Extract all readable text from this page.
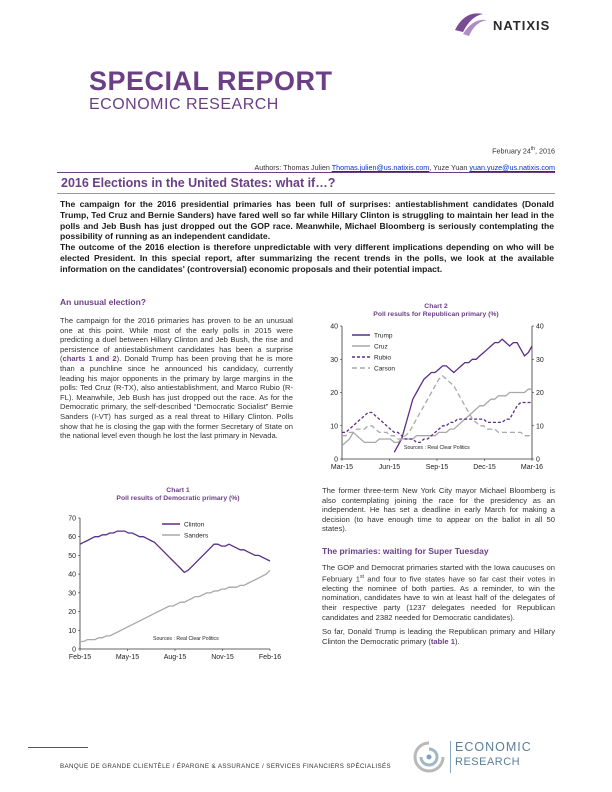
NATIXIS
SPECIAL REPORT
ECONOMIC RESEARCH
February 24th, 2016
Authors: Thomas Julien Thomas.julien@us.natixis.com, Yuze Yuan yuan.yuze@us.natixis.com
2016 Elections in the United States: what if…?

The campaign for the 2016 presidential primaries has been full of surprises: antiestablishment candidates (Donald Trump, Ted Cruz and Bernie Sanders) have fared well so far while Hillary Clinton is struggling to maintain her lead in the polls and Jeb Bush has just dropped out the GOP race. Meanwhile, Michael Bloomberg is seriously contemplating the possibility of running as an independent candidate.

The outcome of the 2016 election is therefore unpredictable with very different implications depending on who will be elected President. In this special report, after summarizing the recent trends in the polls, we look at the available information on the candidates' (controversial) economic proposals and their potential impact.

An unusual election?

The campaign for the 2016 primaries has proven to be an unusual one at this point. While most of the early polls in 2015 were predicting a duel between Hillary Clinton and Jeb Bush, the rise and persistence of antiestablishment candidates has been a surprise (charts 1 and 2). Donald Trump has been proving that he is more than a punchline since he announced his candidacy, currently leading his major opponents in the primary by large margins in the polls: Ted Cruz (R-TX), also antiestablishment, and Marco Rubio (R-FL). Meanwhile, Jeb Bush has just dropped out the race. As for the Democratic primary, the self-described “Democratic Socialist” Bernie Sanders (I-VT) has surged as a real threat to Hillary Clinton. Polls show that he is closing the gap with the former Secretary of State on the national level even though he lost the last primary in Nevada.

Chart 2
Poll results for Republican primary (%)
0	0
10	10
20	20
30	30
40	40
Mar-15	Jun-15	Sep-15	Dec-15	Mar-16
Trump
Cruz
Rubio
Carson
Sources : Real Clear Politics
Chart 1
Poll results of Democratic primary (%)
0
10
20
30
40
50
60
70
Feb-15	May-15	Aug-15	Nov-15	Feb-16
Clinton
Sanders
Sources : Real Clear Politics

The former three-term New York City mayor Michael Bloomberg is also contemplating joining the race for the presidency as an independent. He has set a deadline in early March for making a decision (to have enough time to appear on the ballot in all 50 states).

The primaries: waiting for Super Tuesday

The GOP and Democrat primaries started with the Iowa caucuses on February 1st and four to five states have so far cast their votes in electing the nominee of both parties. As a reminder, to win the nomination, candidates have to win at least half of the delegates of their respective party (1237 delegates needed for Republican candidates and 2382 needed for Democratic candidates).

So far, Donald Trump is leading the Republican primary and Hillary Clinton the Democratic primary (table 1).

BANQUE DE GRANDE CLIENTÈLE / ÉPARGNE & ASSURANCE / SERVICES FINANCIERS SPÉCIALISÉS
ECONOMIC
RESEARCH
